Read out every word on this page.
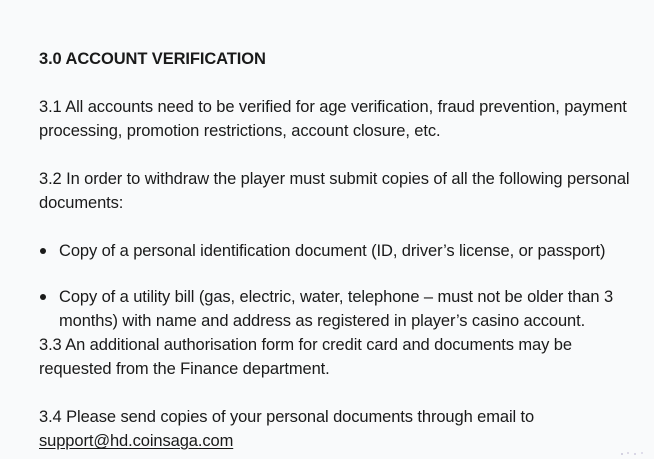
3.0 ACCOUNT VERIFICATION
3.1 All accounts need to be verified for age verification, fraud prevention, payment processing, promotion restrictions, account closure, etc.
3.2 In order to withdraw the player must submit copies of all the following personal documents:
Copy of a personal identification document (ID, driver’s license, or passport)
Copy of a utility bill (gas, electric, water, telephone – must not be older than 3 months) with name and address as registered in player’s casino account.
3.3 An additional authorisation form for credit card and documents may be requested from the Finance department.
3.4 Please send copies of your personal documents through email to support@hd.coinsaga.com
